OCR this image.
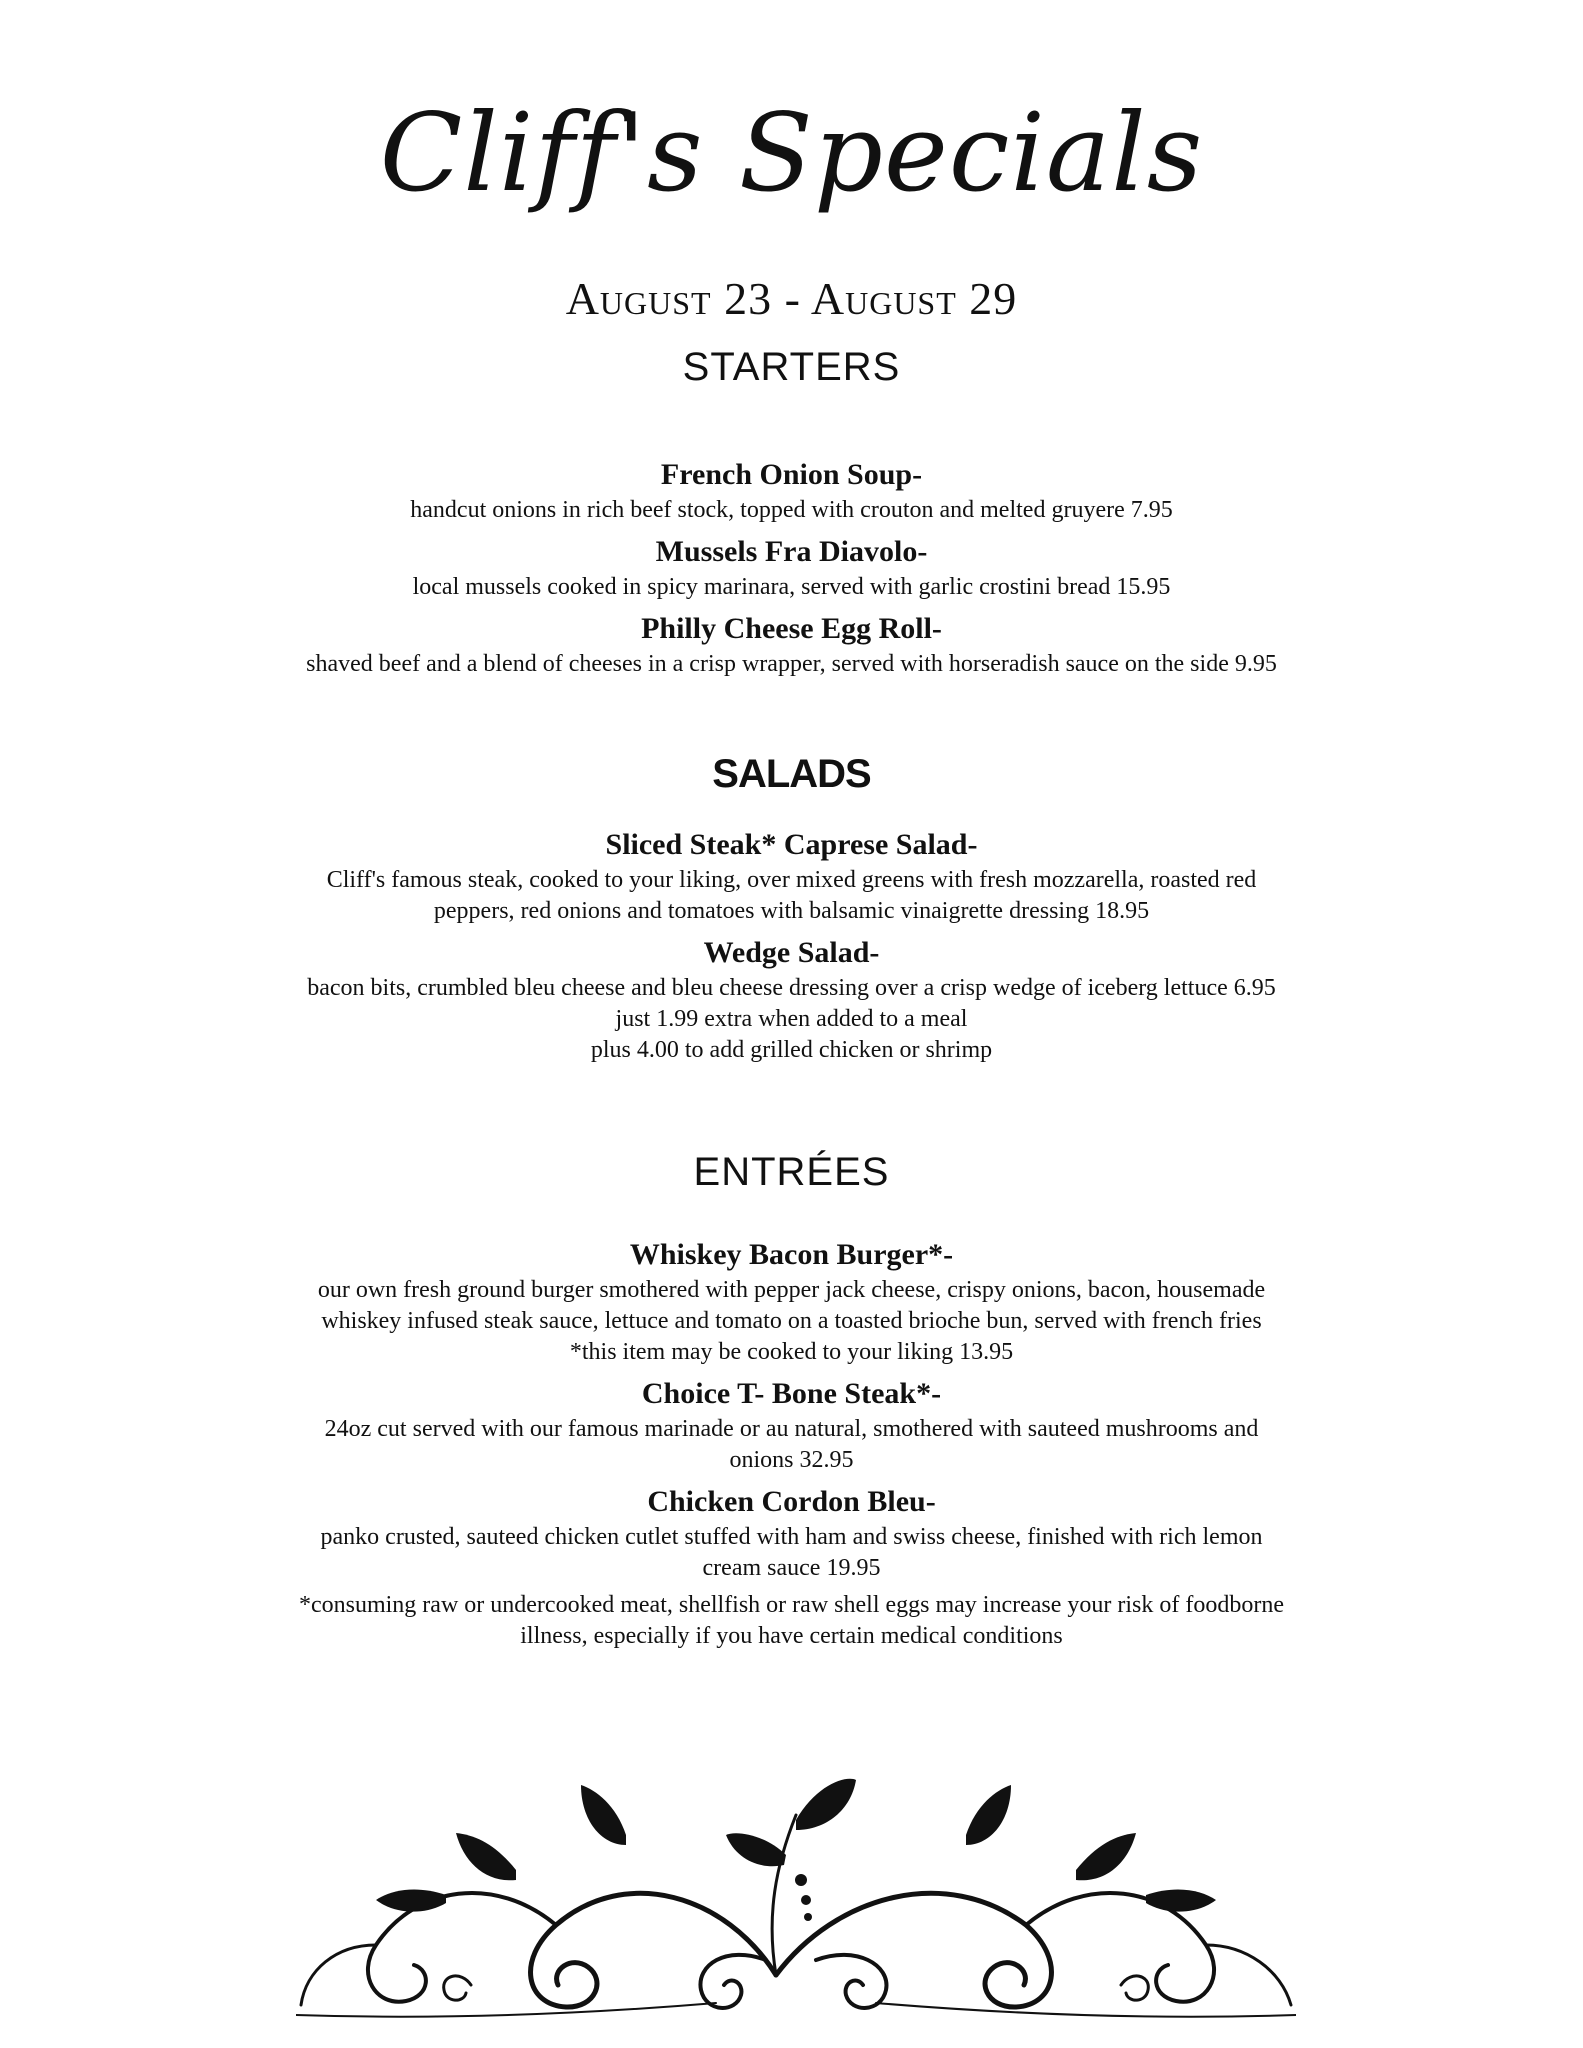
Cliff's Specials
August 23 - August 29
STARTERS

French Onion Soup-

handcut onions in rich beef stock, topped with crouton and melted gruyere 7.95

Mussels Fra Diavolo-

local mussels cooked in spicy marinara, served with garlic crostini bread 15.95

Philly Cheese Egg Roll-

shaved beef and a blend of cheeses in a crisp wrapper, served with horseradish sauce on the side 9.95

SALADS

Sliced Steak* Caprese Salad-

Cliff's famous steak, cooked to your liking, over mixed greens with fresh mozzarella, roasted red

peppers, red onions and tomatoes with balsamic vinaigrette dressing 18.95

Wedge Salad-

bacon bits, crumbled bleu cheese and bleu cheese dressing over a crisp wedge of iceberg lettuce 6.95

just 1.99 extra when added to a meal

plus 4.00 to add grilled chicken or shrimp

ENTRÉES

Whiskey Bacon Burger*-

our own fresh ground burger smothered with pepper jack cheese, crispy onions, bacon, housemade

whiskey infused steak sauce, lettuce and tomato on a toasted brioche bun, served with french fries

*this item may be cooked to your liking 13.95

Choice T- Bone Steak*-

24oz cut served with our famous marinade or au natural, smothered with sauteed mushrooms and

onions 32.95

Chicken Cordon Bleu-

panko crusted, sauteed chicken cutlet stuffed with ham and swiss cheese, finished with rich lemon

cream sauce 19.95

*consuming raw or undercooked meat, shellfish or raw shell eggs may increase your risk of foodborne

illness, especially if you have certain medical conditions
